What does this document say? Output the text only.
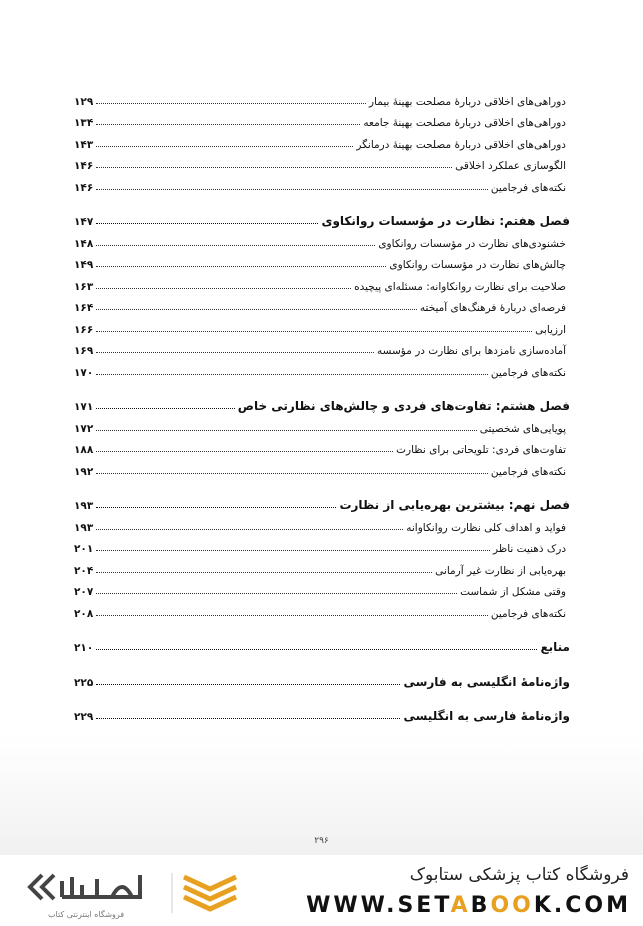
دوراهی‌های اخلاقی دربارۀ مصلحت بهینۀ بیمار
۱۲۹
دوراهی‌های اخلاقی دربارۀ مصلحت بهینۀ جامعه
۱۳۴
دوراهی‌های اخلاقی دربارۀ مصلحت بهینۀ درمانگر
۱۴۳
الگوسازی عملکرد اخلاقی
۱۴۶
نکته‌های فرجامین
۱۴۶
فصل هفتم: نظارت در مؤسسات روانکاوی
۱۴۷
خشنودی‌های نظارت در مؤسسات روانکاوی
۱۴۸
چالش‌های نظارت در مؤسسات روانکاوی
۱۴۹
صلاحیت برای نظارت روانکاوانه: مسئله‌ای پیچیده
۱۶۳
فرصه‌ای دربارۀ فرهنگ‌های آمیخته
۱۶۴
ارزیابی
۱۶۶
آماده‌سازی نامزدها برای نظارت در مؤسسه
۱۶۹
نکته‌های فرجامین
۱۷۰
فصل هشتم: تفاوت‌های فردی و چالش‌های نظارتی خاص
۱۷۱
پویایی‌های شخصیتی
۱۷۲
تفاوت‌های فردی: تلویحاتی برای نظارت
۱۸۸
نکته‌های فرجامین
۱۹۲
فصل نهم: بیشترین بهره‌یابی از نظارت
۱۹۳
فواید و اهداف کلی نظارت روانکاوانه
۱۹۳
درک ذهنیت ناظر
۲۰۱
بهره‌یابی از نظارت غیر آرمانی
۲۰۴
وقتی مشکل از شماست
۲۰۷
نکته‌های فرجامین
۲۰۸
منابع
۲۱۰
واژه‌نامۀ انگلیسی به فارسی
۲۲۵
واژه‌نامۀ فارسی به انگلیسی
۲۲۹
۲۹۶
فروشگاه اینترنتی کتاب
فروشگاه کتاب پزشکی ستابوک
WWW.SETABOOK.COM
